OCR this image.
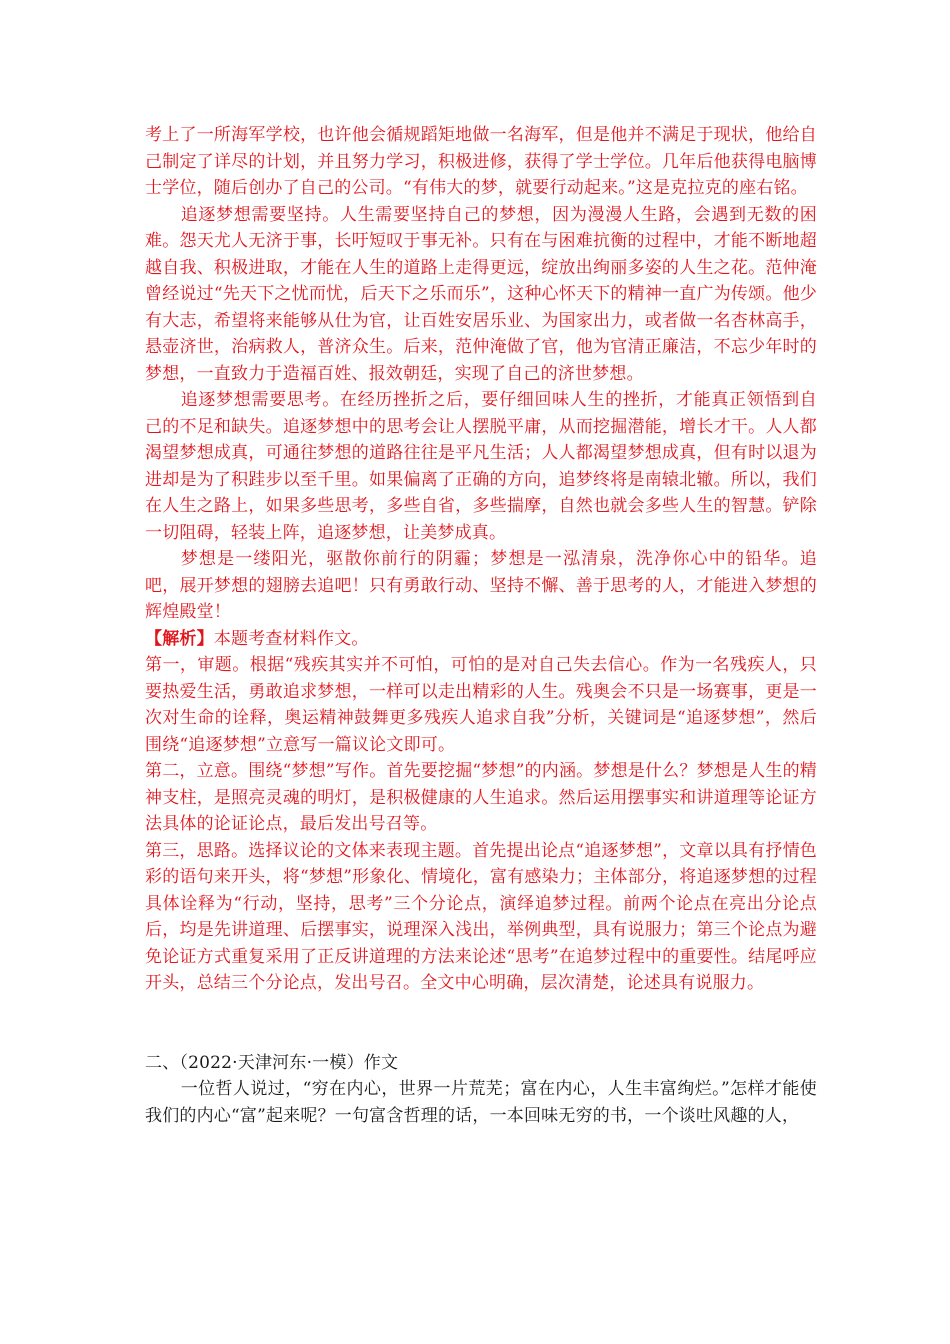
考上了一所海军学校，也许他会循规蹈矩地做一名海军，但是他并不满足于现状，他给自己制定了详尽的计划，并且努力学习，积极进修，获得了学士学位。几年后他获得电脑博士学位，随后创办了自己的公司。“有伟大的梦，就要行动起来。”这是克拉克的座右铭。

追逐梦想需要坚持。人生需要坚持自己的梦想，因为漫漫人生路，会遇到无数的困难。怨天尤人无济于事，长吁短叹于事无补。只有在与困难抗衡的过程中，才能不断地超越自我、积极进取，才能在人生的道路上走得更远，绽放出绚丽多姿的人生之花。范仲淹曾经说过“先天下之忧而忧，后天下之乐而乐”，这种心怀天下的精神一直广为传颂。他少有大志，希望将来能够从仕为官，让百姓安居乐业、为国家出力，或者做一名杏林高手，悬壶济世，治病救人，普济众生。后来，范仲淹做了官，他为官清正廉洁，不忘少年时的梦想，一直致力于造福百姓、报效朝廷，实现了自己的济世梦想。

追逐梦想需要思考。在经历挫折之后，要仔细回味人生的挫折，才能真正领悟到自己的不足和缺失。追逐梦想中的思考会让人摆脱平庸，从而挖掘潜能，增长才干。人人都渴望梦想成真，可通往梦想的道路往往是平凡生活；人人都渴望梦想成真，但有时以退为进却是为了积跬步以至千里。如果偏离了正确的方向，追梦终将是南辕北辙。所以，我们在人生之路上，如果多些思考，多些自省，多些揣摩，自然也就会多些人生的智慧。铲除一切阻碍，轻装上阵，追逐梦想，让美梦成真。

梦想是一缕阳光，驱散你前行的阴霾；梦想是一泓清泉，洗净你心中的铅华。追吧，展开梦想的翅膀去追吧！只有勇敢行动、坚持不懈、善于思考的人，才能进入梦想的辉煌殿堂！

【解析】本题考查材料作文。

第一，审题。根据“残疾其实并不可怕，可怕的是对自己失去信心。作为一名残疾人，只要热爱生活，勇敢追求梦想，一样可以走出精彩的人生。残奥会不只是一场赛事，更是一次对生命的诠释，奥运精神鼓舞更多残疾人追求自我”分析，关键词是“追逐梦想”，然后围绕“追逐梦想”立意写一篇议论文即可。

第二，立意。围绕“梦想”写作。首先要挖掘“梦想”的内涵。梦想是什么？梦想是人生的精神支柱，是照亮灵魂的明灯，是积极健康的人生追求。然后运用摆事实和讲道理等论证方法具体的论证论点，最后发出号召等。

第三，思路。选择议论的文体来表现主题。首先提出论点“追逐梦想”，文章以具有抒情色彩的语句来开头，将“梦想”形象化、情境化，富有感染力；主体部分，将追逐梦想的过程具体诠释为“行动，坚持，思考”三个分论点，演绎追梦过程。前两个论点在亮出分论点后，均是先讲道理、后摆事实，说理深入浅出，举例典型，具有说服力；第三个论点为避免论证方式重复采用了正反讲道理的方法来论述“思考”在追梦过程中的重要性。结尾呼应开头，总结三个分论点，发出号召。全文中心明确，层次清楚，论述具有说服力。

二、（2022·天津河东·一模）作文

一位哲人说过，“穷在内心，世界一片荒芜；富在内心，人生丰富绚烂。”怎样才能使我们的内心“富”起来呢？一句富含哲理的话，一本回味无穷的书，一个谈吐风趣的人，
